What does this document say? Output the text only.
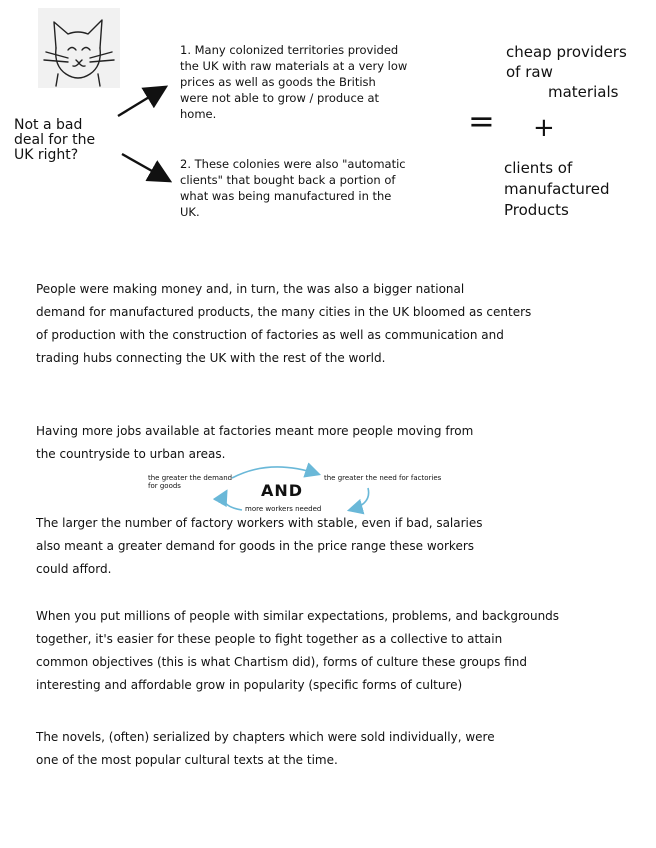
Not a bad
deal for the
UK right?
1. Many colonized territories provided
the UK with raw materials at a very low
prices as well as goods the British
were not able to grow / produce at
home.
2. These colonies were also "automatic
clients" that bought back a portion of
what was being manufactured in the
UK.
= +
cheap providers
of raw
materials
clients of
manufactured
Products
People were making money and, in turn, the was also a bigger national
demand for manufactured products, the many cities in the UK bloomed as centers
of production with the construction of factories as well as communication and
trading hubs connecting the UK with the rest of the world.
Having more jobs available at factories meant more people moving from
the countryside to urban areas.
the greater the demand
for goods
the greater the need for factories
more workers needed
AND
The larger the number of factory workers with stable, even if bad, salaries
also meant a greater demand for goods in the price range these workers
could afford.
When you put millions of people with similar expectations, problems, and backgrounds
together, it's easier for these people to fight together as a collective to attain
common objectives (this is what Chartism did), forms of culture these groups find
interesting and affordable grow in popularity (specific forms of culture)
The novels, (often) serialized by chapters which were sold individually, were
one of the most popular cultural texts at the time.
